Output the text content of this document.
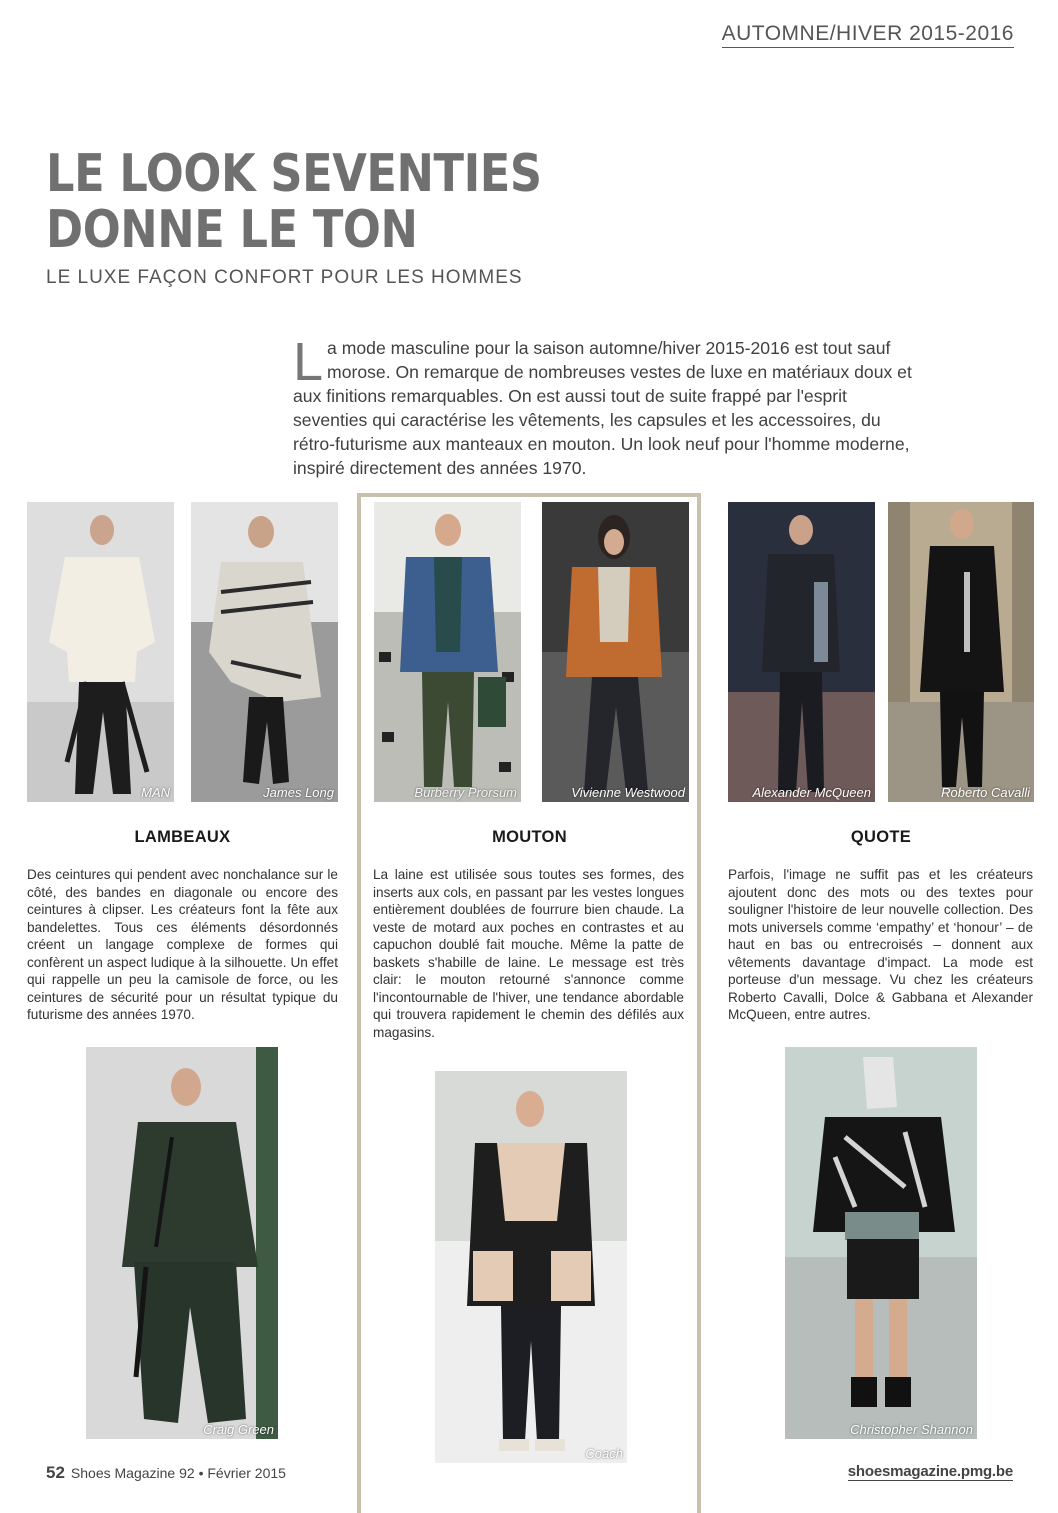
AUTOMNE/HIVER 2015-2016
LE LOOK SEVENTIES
DONNE LE TON
LE LUXE FAÇON CONFORT POUR LES HOMMES
La mode masculine pour la saison automne/hiver 2015-2016 est tout sauf morose. On remarque de nombreuses vestes de luxe en matériaux doux et aux finitions remarquables. On est aussi tout de suite frappé par l'esprit seventies qui caractérise les vêtements, les capsules et les accessoires, du rétro-futurisme aux manteaux en mouton. Un look neuf pour l'homme moderne, inspiré directement des années 1970.
MAN	James Long	Burberry Prorsum	Vivienne Westwood	Alexander McQueen	Roberto Cavalli
LAMBEAUX	MOUTON	QUOTE
Des ceintures qui pendent avec nonchalance sur le côté, des bandes en diagonale ou encore des ceintures à clipser. Les créateurs font la fête aux bandelettes. Tous ces éléments désordonnés créent un langage complexe de formes qui confèrent un aspect ludique à la silhouette. Un effet qui rappelle un peu la camisole de force, ou les ceintures de sécurité pour un résultat typique du futurisme des années 1970.
La laine est utilisée sous toutes ses formes, des inserts aux cols, en passant par les vestes longues entièrement doublées de fourrure bien chaude. La veste de motard aux poches en contrastes et au capuchon doublé fait mouche. Même la patte de baskets s'habille de laine. Le message est très clair: le mouton retourné s'annonce comme l'incontournable de l'hiver, une tendance abordable qui trouvera rapidement le chemin des défilés aux magasins.
Parfois, l'image ne suffit pas et les créateurs ajoutent donc des mots ou des textes pour souligner l'histoire de leur nouvelle collection. Des mots universels comme ‘empathy’ et ‘honour’ – de haut en bas ou entrecroisés – donnent aux vêtements davantage d'impact. La mode est porteuse d'un message. Vu chez les créateurs Roberto Cavalli, Dolce & Gabbana et Alexander McQueen, entre autres.
Craig Green
Coach
Christopher Shannon
52 Shoes Magazine 92 • Février 2015	shoesmagazine.pmg.be
